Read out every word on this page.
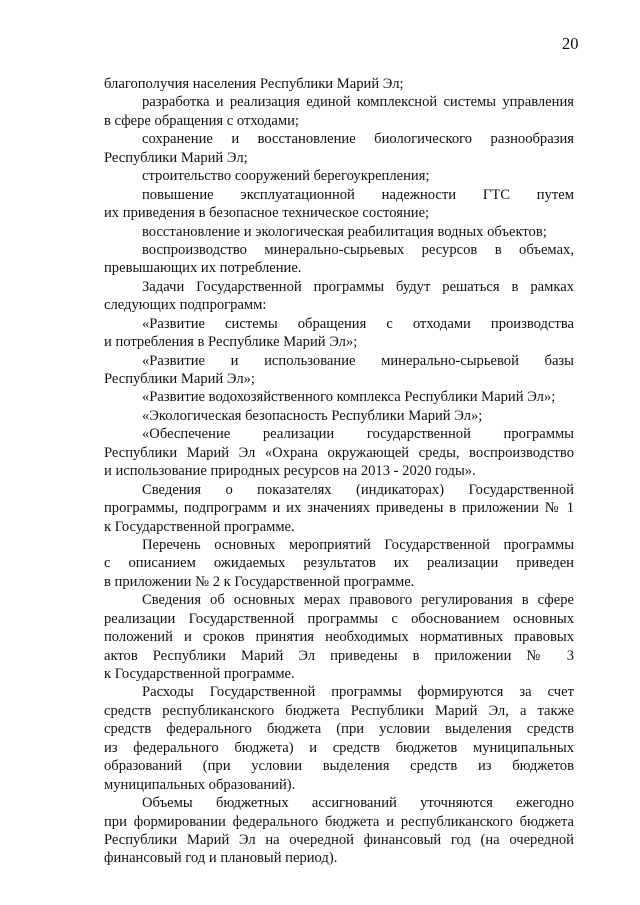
20
благополучия населения Республики Марий Эл;
разработка и реализация единой комплексной системы управления
в сфере обращения с отходами;
сохранение и восстановление биологического разнообразия
Республики Марий Эл;
строительство сооружений берегоукрепления;
повышение эксплуатационной надежности ГТС путем
их приведения в безопасное техническое состояние;
восстановление и экологическая реабилитация водных объектов;
воспроизводство минерально-сырьевых ресурсов в объемах,
превышающих их потребление.
Задачи Государственной программы будут решаться в рамках
следующих подпрограмм:
«Развитие системы обращения с отходами производства
и потребления в Республике Марий Эл»;
«Развитие и использование минерально-сырьевой базы
Республики Марий Эл»;
«Развитие водохозяйственного комплекса Республики Марий Эл»;
«Экологическая безопасность Республики Марий Эл»;
«Обеспечение реализации государственной программы
Республики Марий Эл «Охрана окружающей среды, воспроизводство
и использование природных ресурсов на 2013 - 2020 годы».
Сведения о показателях (индикаторах) Государственной
программы, подпрограмм и их значениях приведены в приложении № 1
к Государственной программе.
Перечень основных мероприятий Государственной программы
с описанием ожидаемых результатов их реализации приведен
в приложении № 2 к Государственной программе.
Сведения об основных мерах правового регулирования в сфере
реализации Государственной программы с обоснованием основных
положений и сроков принятия необходимых нормативных правовых
актов Республики Марий Эл приведены в приложении № 3
к Государственной программе.
Расходы Государственной программы формируются за счет
средств республиканского бюджета Республики Марий Эл, а также
средств федерального бюджета (при условии выделения средств
из федерального бюджета) и средств бюджетов муниципальных
образований (при условии выделения средств из бюджетов
муниципальных образований).
Объемы бюджетных ассигнований уточняются ежегодно
при формировании федерального бюджета и республиканского бюджета
Республики Марий Эл на очередной финансовый год (на очередной
финансовый год и плановый период).
